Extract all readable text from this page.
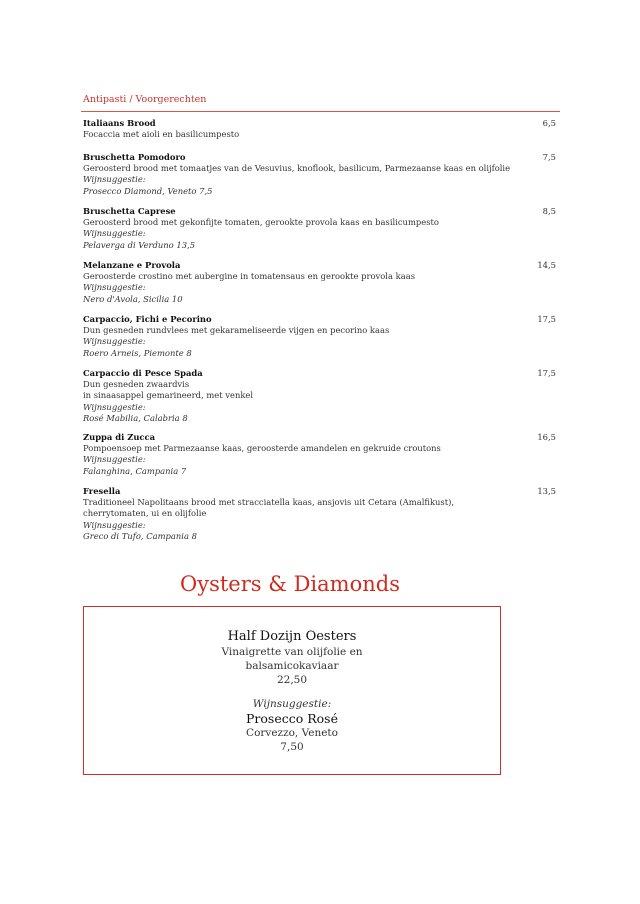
Antipasti / Voorgerechten
Italiaans Brood
Focaccia met aioli en basilicumpesto
6,5
Bruschetta Pomodoro
Geroosterd brood met tomaatjes van de Vesuvius, knoflook, basilicum, Parmezaanse kaas en olijfolie
Wijnsuggestie:
Prosecco Diamond, Veneto 7,5
7,5
Bruschetta Caprese
Geroosterd brood met gekonfijte tomaten, gerookte provola kaas en basilicumpesto
Wijnsuggestie:
Pelaverga di Verduno 13,5
8,5
Melanzane e Provola
Geroosterde crostino met aubergine in tomatensaus en gerookte provola kaas
Wijnsuggestie:
Nero d'Avola, Sicilia 10
14,5
Carpaccio, Fichi e Pecorino
Dun gesneden rundvlees met gekarameliseerde vijgen en pecorino kaas
Wijnsuggestie:
Roero Arneis, Piemonte 8
17,5
Carpaccio di Pesce Spada
Dun gesneden zwaardvis
in sinaasappel gemarineerd, met venkel
Wijnsuggestie:
Rosé Mabilia, Calabria 8
17,5
Zuppa di Zucca
Pompoensoep met Parmezaanse kaas, geroosterde amandelen en gekruide croutons
Wijnsuggestie:
Falanghina, Campania 7
16,5
Fresella
Traditioneel Napolitaans brood met stracciatella kaas, ansjovis uit Cetara (Amalfikust),
cherrytomaten, ui en olijfolie
Wijnsuggestie:
Greco di Tufo, Campania 8
13,5
Oysters & Diamonds
Half Dozijn Oesters
Vinaigrette van olijfolie en balsamicokaviaar
22,50
Wijnsuggestie:
Prosecco Rosé
Corvezzo, Veneto
7,50
